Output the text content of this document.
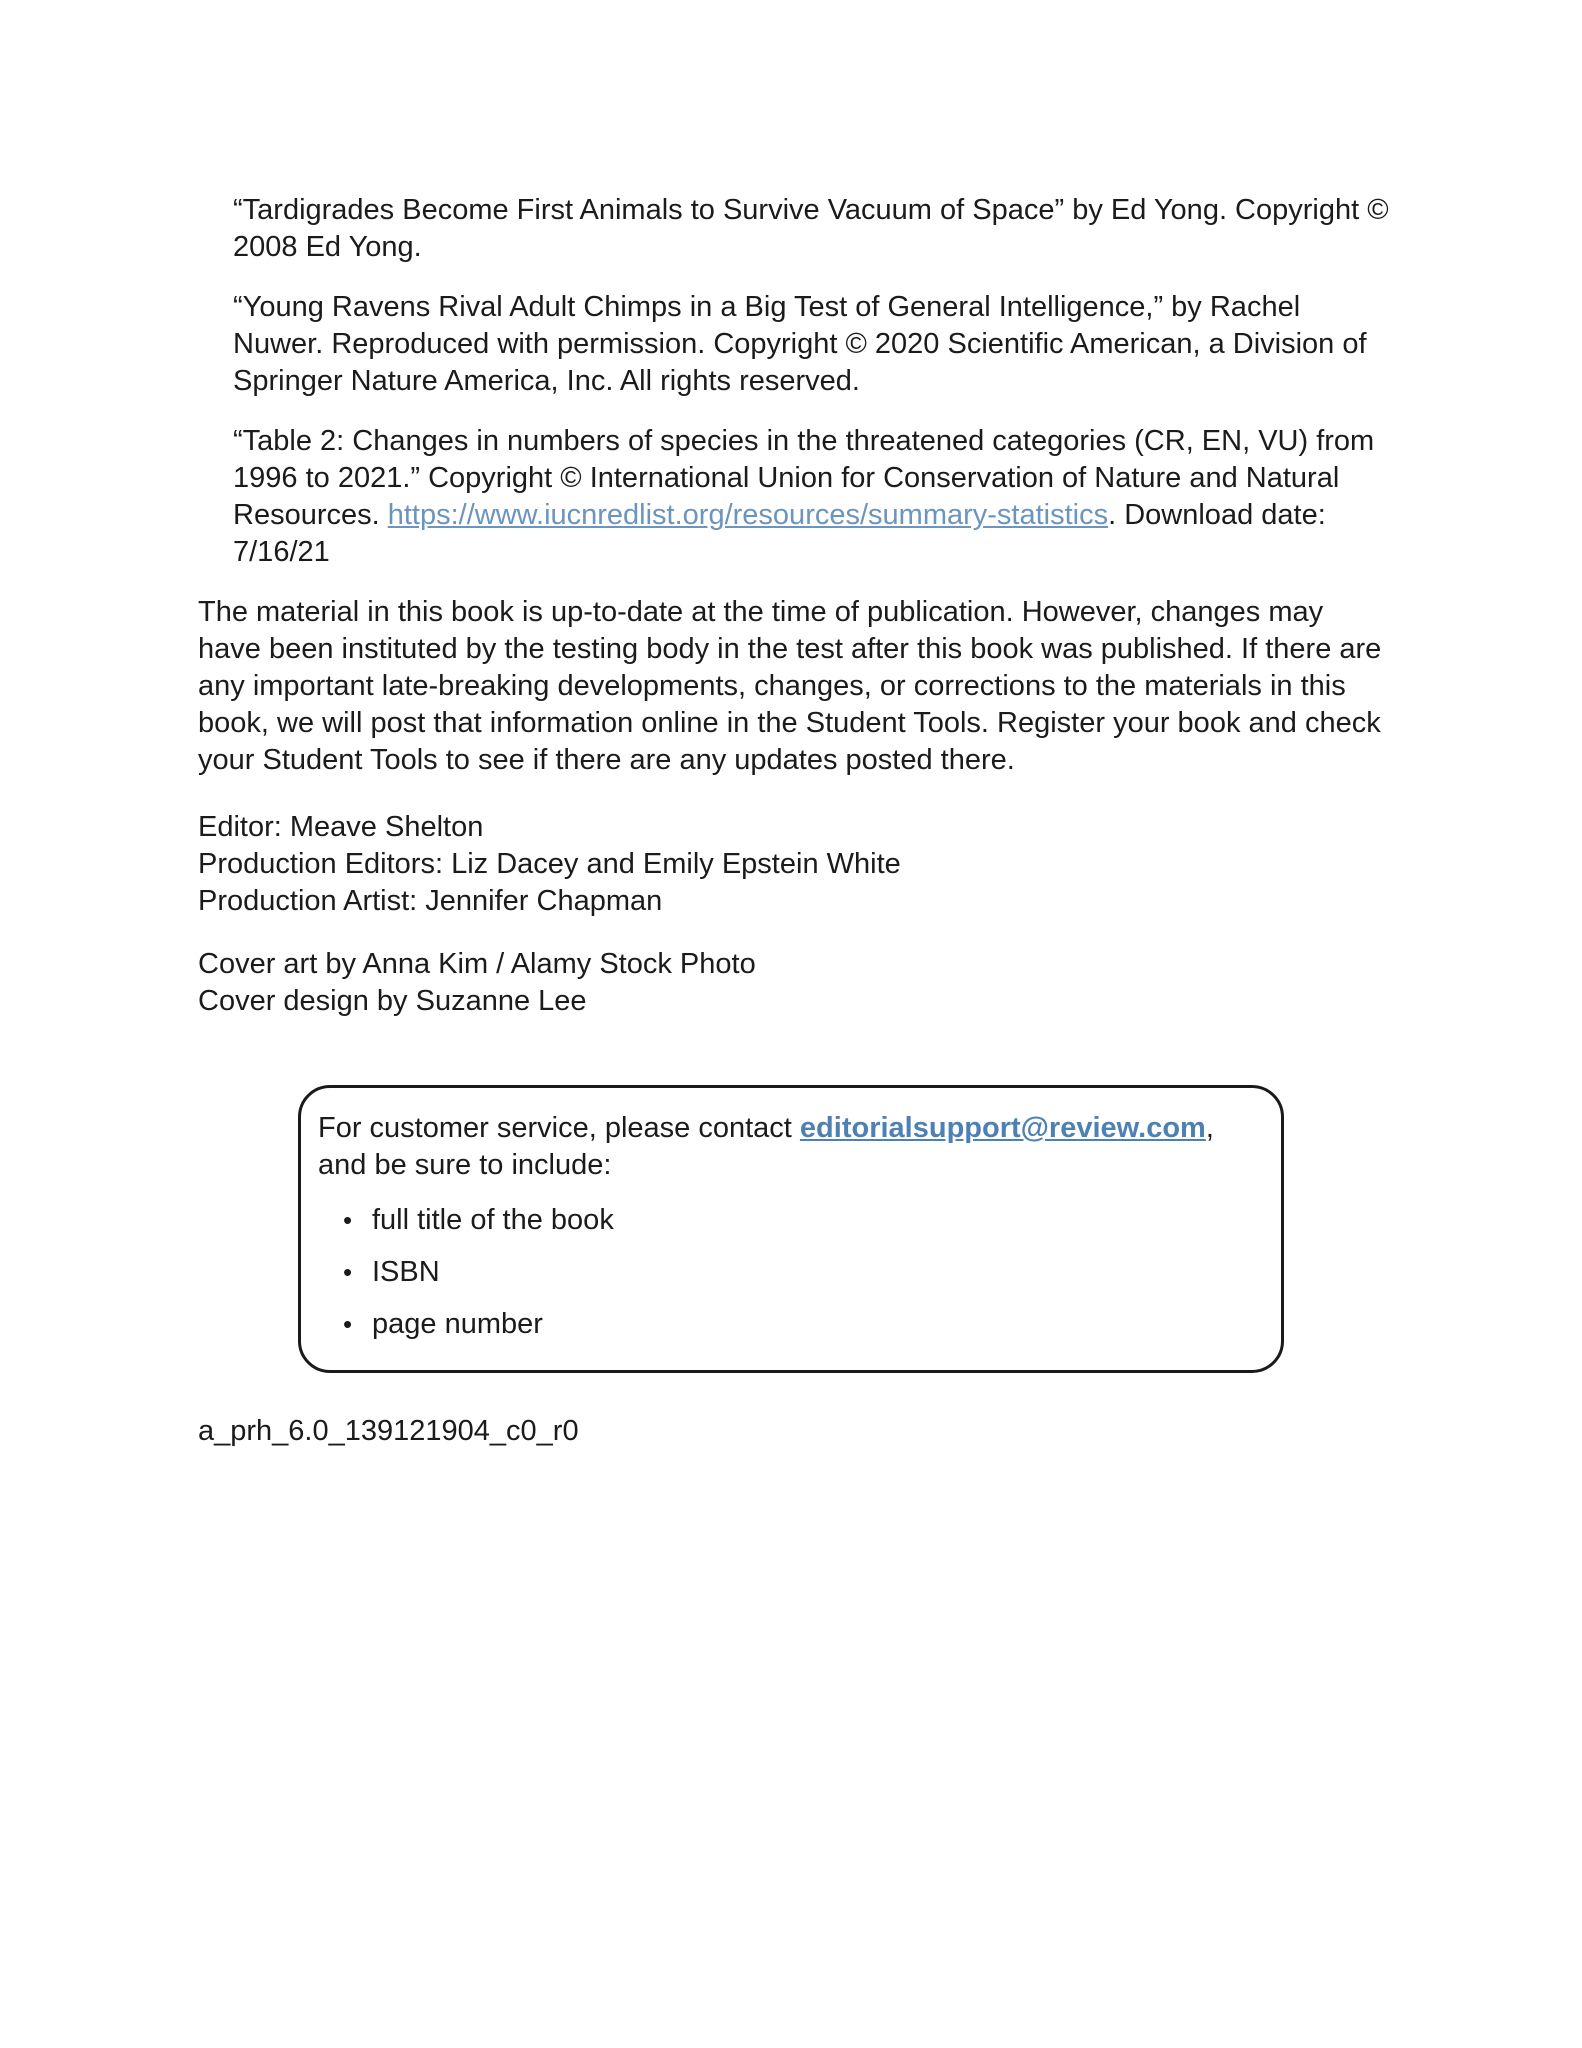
“Tardigrades Become First Animals to Survive Vacuum of Space” by Ed Yong. Copyright © 2008 Ed Yong.

“Young Ravens Rival Adult Chimps in a Big Test of General Intelligence,” by Rachel Nuwer. Reproduced with permission. Copyright © 2020 Scientific American, a Division of Springer Nature America, Inc. All rights reserved.

“Table 2: Changes in numbers of species in the threatened categories (CR, EN, VU) from 1996 to 2021.” Copyright © International Union for Conservation of Nature and Natural Resources. https://www.iucnredlist.org/resources/summary-statistics. Download date: 7/16/21

The material in this book is up-to-date at the time of publication. However, changes may have been instituted by the testing body in the test after this book was published. If there are any important late-breaking developments, changes, or corrections to the materials in this book, we will post that information online in the Student Tools. Register your book and check your Student Tools to see if there are any updates posted there.

Editor: Meave Shelton
Production Editors: Liz Dacey and Emily Epstein White
Production Artist: Jennifer Chapman
Cover art by Anna Kim / Alamy Stock Photo
Cover design by Suzanne Lee
For customer service, please contact editorialsupport@review.com,
and be sure to include:
• full title of the book
• ISBN
• page number

a_prh_6.0_139121904_c0_r0
